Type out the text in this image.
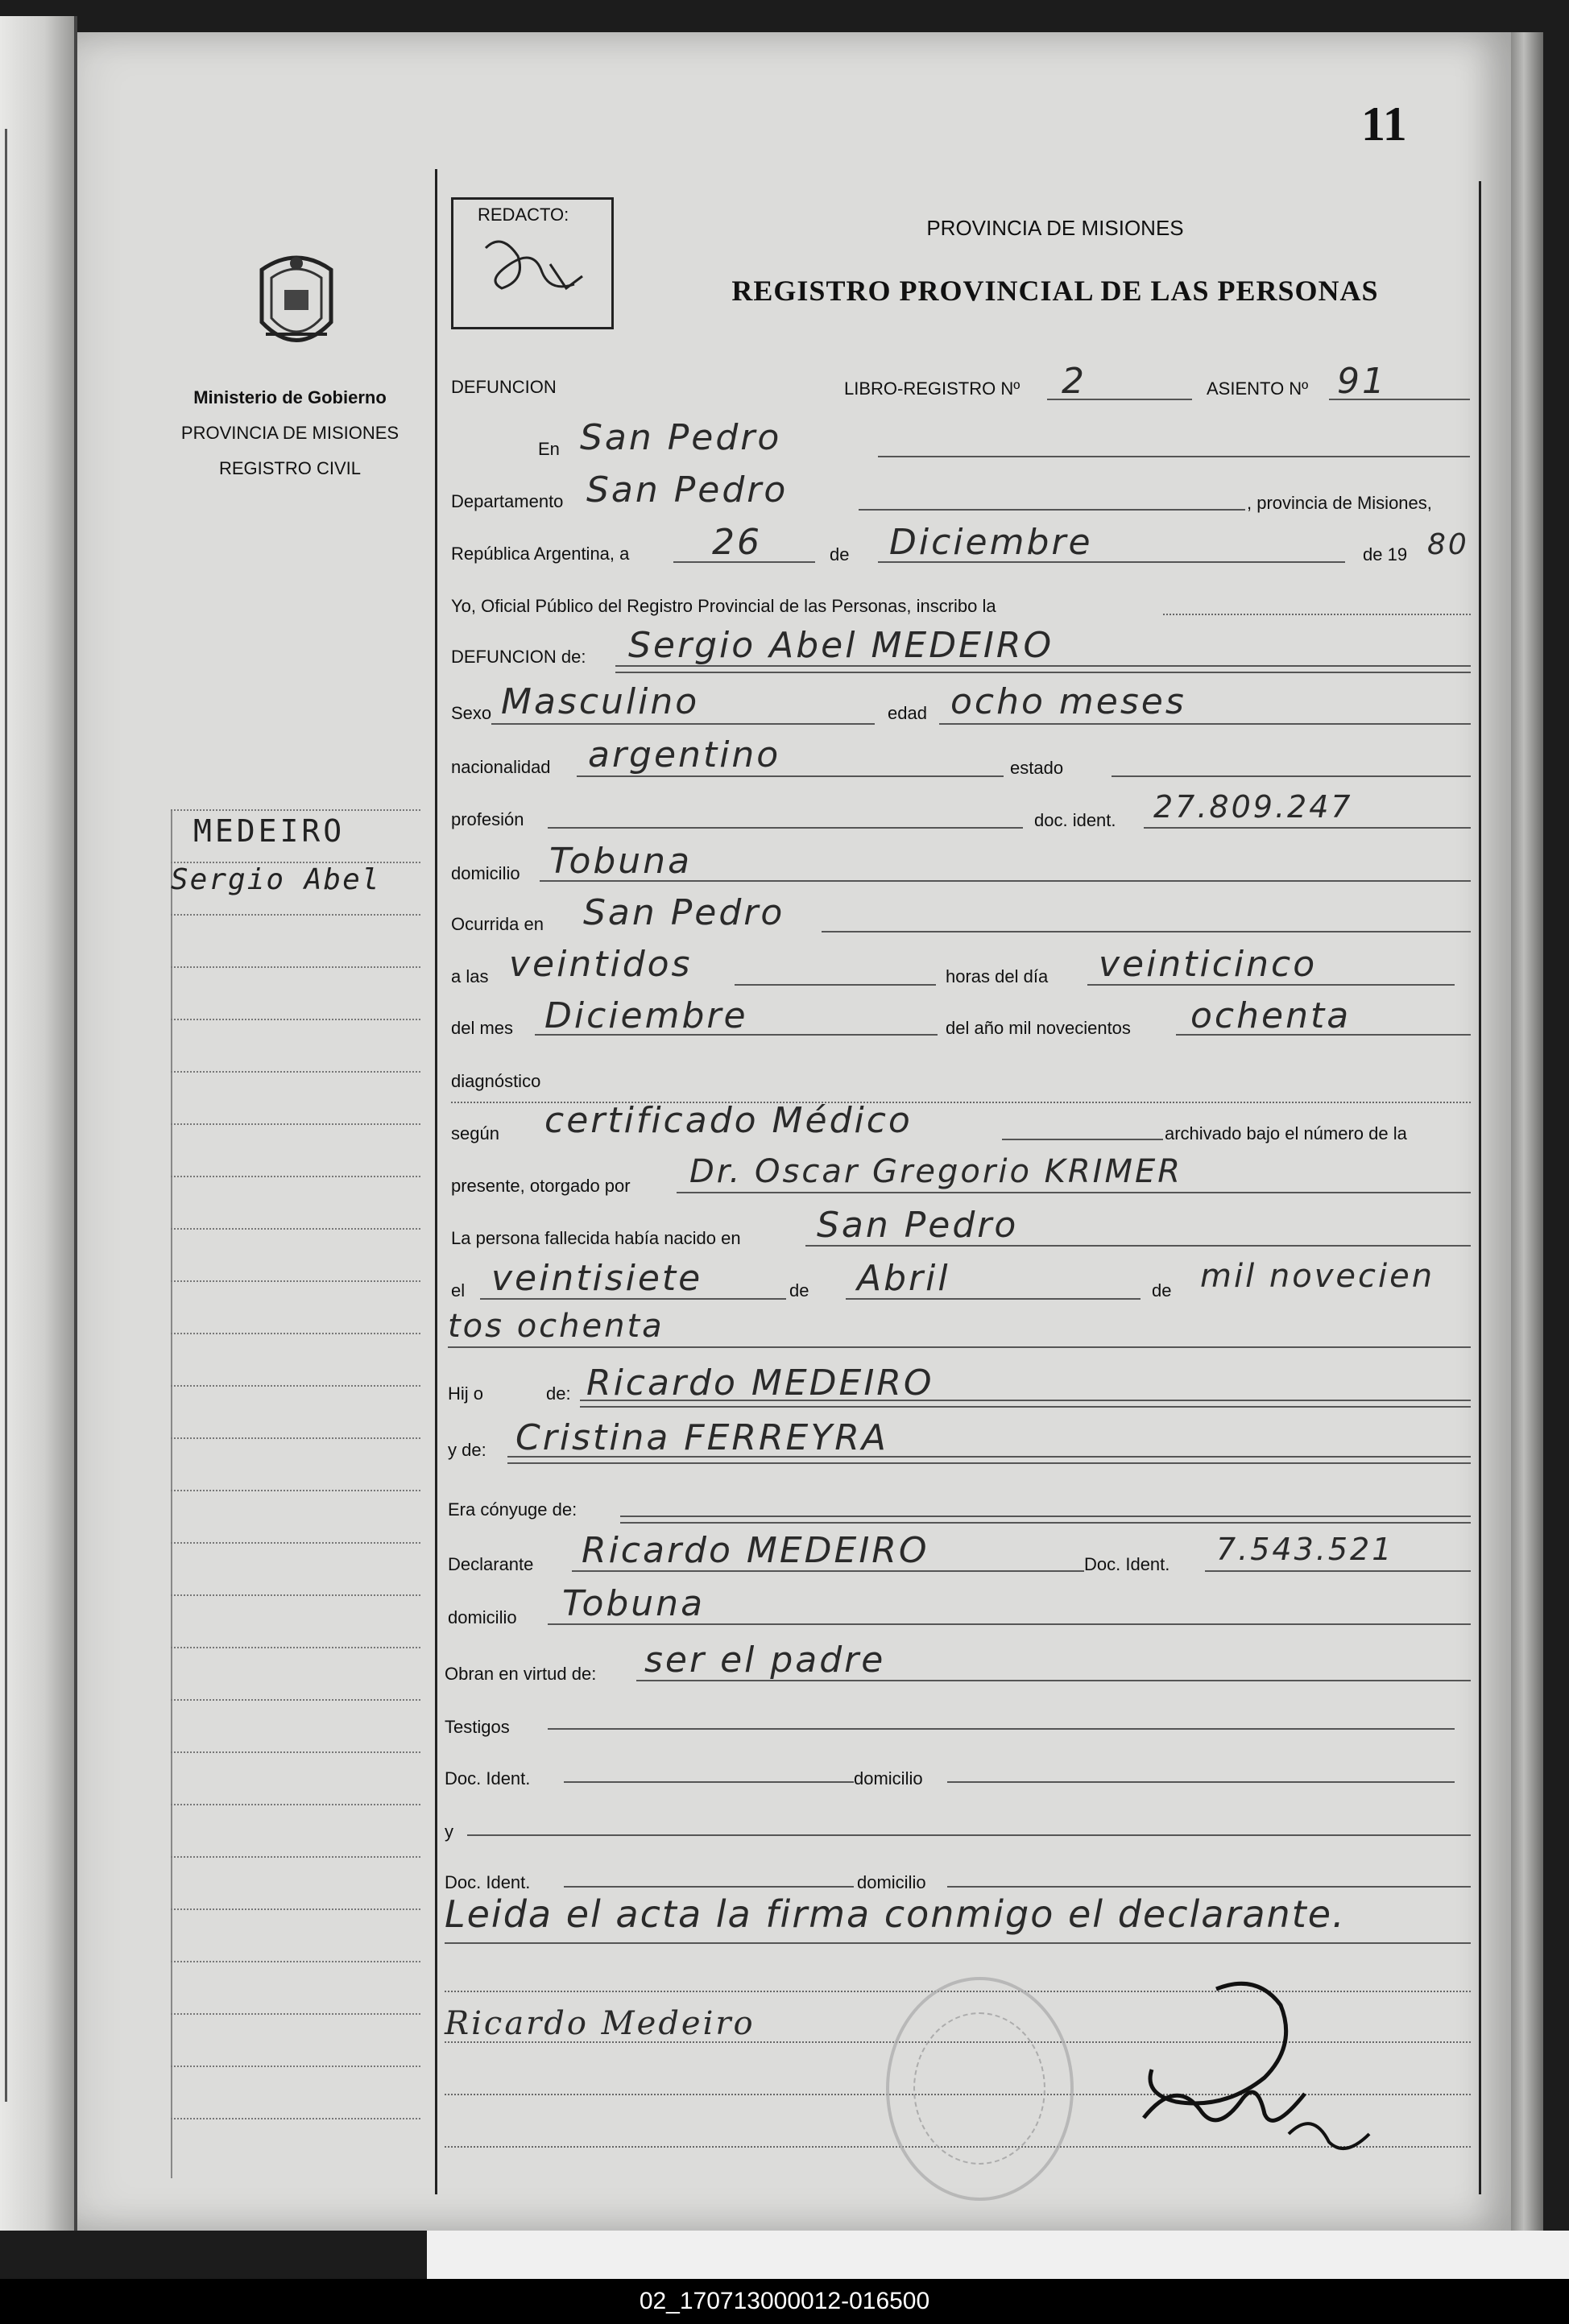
11
Ministerio de Gobierno
PROVINCIA DE MISIONES
REGISTRO CIVIL
MEDEIRO
Sergio Abel
REDACTO:
PROVINCIA DE MISIONES
REGISTRO PROVINCIAL DE LAS PERSONAS
DEFUNCION	LIBRO-REGISTRO Nº 2	ASIENTO Nº 91
En San Pedro
Departamento San Pedro	, provincia de Misiones,
República Argentina, a 26	de Diciembre	de 19 80
Yo, Oficial Público del Registro Provincial de las Personas, inscribo la
DEFUNCION de: Sergio Abel MEDEIRO
Sexo Masculino	edad ocho meses
nacionalidad argentino	estado
profesión	doc. ident. 27.809.247
domicilio Tobuna
Ocurrida en San Pedro
a las veintidos	horas del día veinticinco
del mes Diciembre	del año mil novecientos ochenta
diagnóstico
según certificado Médico	archivado bajo el número de la
presente, otorgado por Dr. Oscar Gregorio KRIMER
La persona fallecida había nacido en San Pedro
el veintisiete	de Abril	de mil novecien
tos ochenta
Hij o	de: Ricardo MEDEIRO
y de: Cristina FERREYRA
Era cónyuge de:
Declarante Ricardo MEDEIRO	Doc. Ident. 7.543.521
domicilio Tobuna
Obran en virtud de: ser el padre
Testigos
Doc. Ident.	domicilio
y
Doc. Ident.	domicilio
Leida el acta la firma conmigo el declarante.
Ricardo Medeiro
02_170713000012-016500
